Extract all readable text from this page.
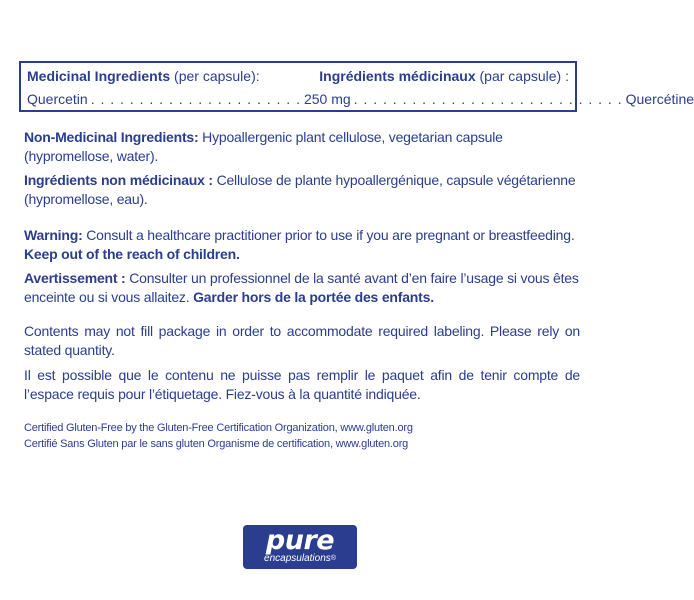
Medicinal Ingredients (per capsule):	Ingrédients médicinaux (par capsule) :
Quercetin . . . . . . . . . . . . . . . . . . . . . . 250 mg . . . . . . . . . . . . . . . . . . . . . . . . . . . . Quercétine
Non-Medicinal Ingredients: Hypoallergenic plant cellulose, vegetarian capsule (hypromellose, water).
Ingrédients non médicinaux : Cellulose de plante hypoallergénique, capsule végétarienne (hypromellose, eau).
Warning: Consult a healthcare practitioner prior to use if you are pregnant or breastfeeding. Keep out of the reach of children.
Avertissement : Consulter un professionnel de la santé avant d’en faire l’usage si vous êtes enceinte ou si vous allaitez. Garder hors de la portée des enfants.
Contents may not fill package in order to accommodate required labeling. Please rely on stated quantity.
Il est possible que le contenu ne puisse pas remplir le paquet afin de tenir compte de l’espace requis pour l’étiquetage. Fiez-vous à la quantité indiquée.
Certified Gluten-Free by the Gluten-Free Certification Organization, www.gluten.org
Certifié Sans Gluten par le sans gluten Organisme de certification, www.gluten.org
pure
encapsulations®
